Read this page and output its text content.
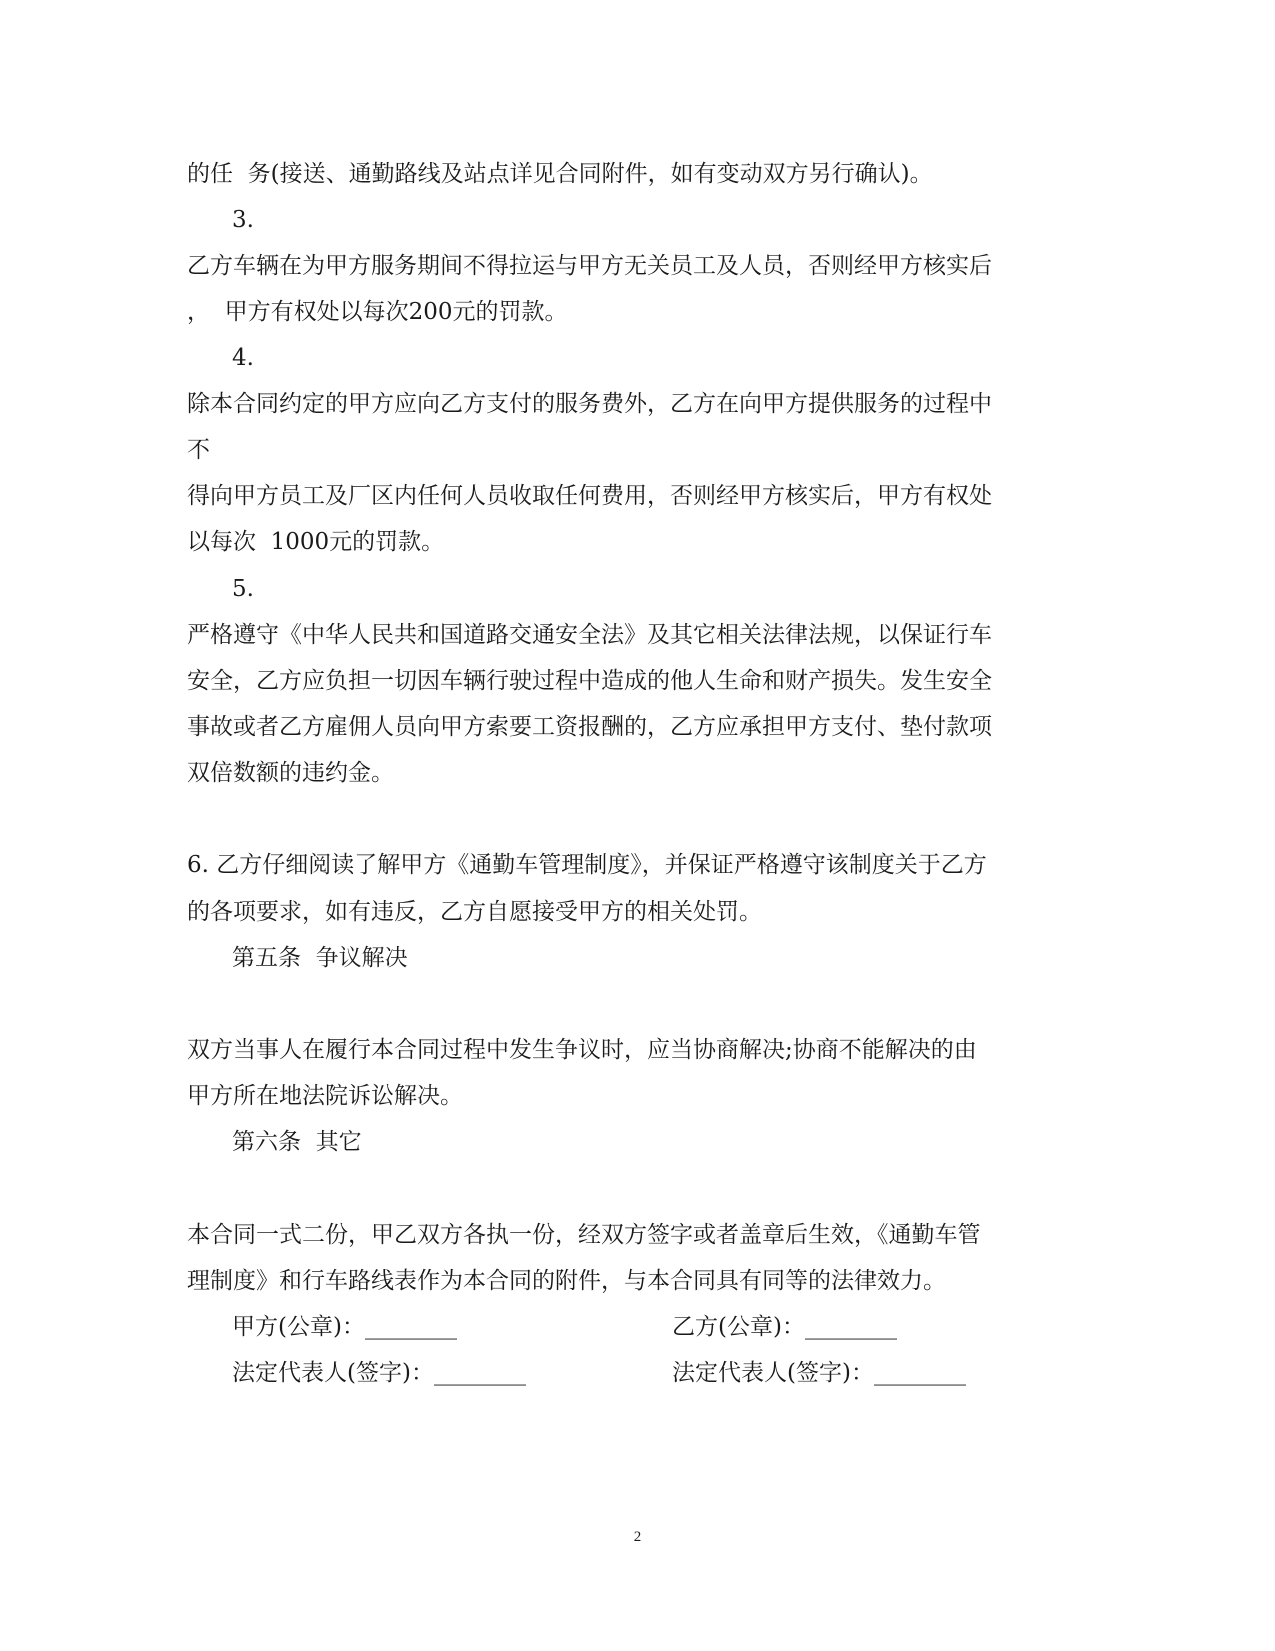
的任  务(接送、通勤路线及站点详见合同附件，如有变动双方另行确认)。
3.
乙方车辆在为甲方服务期间不得拉运与甲方无关员工及人员，否则经甲方核实后
，  甲方有权处以每次200元的罚款。
4.
除本合同约定的甲方应向乙方支付的服务费外，乙方在向甲方提供服务的过程中
不
得向甲方员工及厂区内任何人员收取任何费用，否则经甲方核实后，甲方有权处
以每次  1000元的罚款。
5.
严格遵守《中华人民共和国道路交通安全法》及其它相关法律法规，以保证行车
安全，乙方应负担一切因车辆行驶过程中造成的他人生命和财产损失。发生安全
事故或者乙方雇佣人员向甲方索要工资报酬的，乙方应承担甲方支付、垫付款项
双倍数额的违约金。
6. 乙方仔细阅读了解甲方《通勤车管理制度》，并保证严格遵守该制度关于乙方
的各项要求，如有违反，乙方自愿接受甲方的相关处罚。
第五条  争议解决
双方当事人在履行本合同过程中发生争议时，应当协商解决;协商不能解决的由
甲方所在地法院诉讼解决。
第六条  其它
本合同一式二份，甲乙双方各执一份，经双方签字或者盖章后生效，《通勤车管
理制度》和行车路线表作为本合同的附件，与本合同具有同等的法律效力。
甲方(公章)：________	乙方(公章)：________
法定代表人(签字)：________	法定代表人(签字)：________
2
